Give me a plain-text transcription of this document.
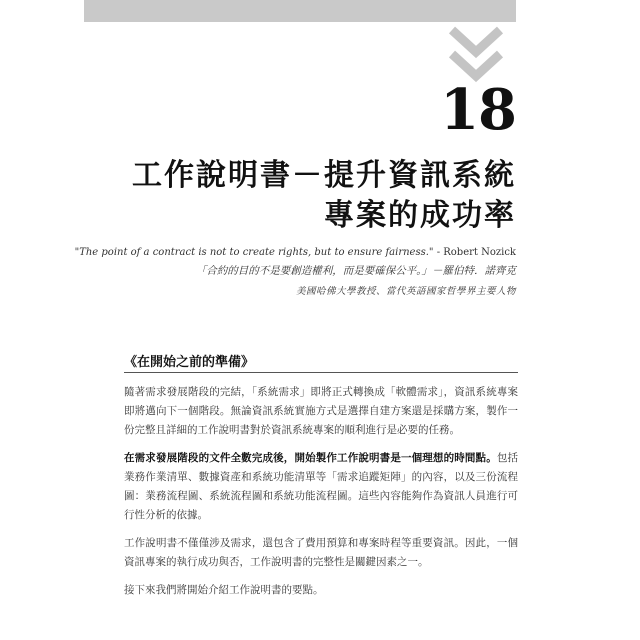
18
工作說明書－提升資訊系統
專案的成功率
"The point of a contract is not to create rights, but to ensure fairness." - Robert Nozick
「合約的目的不是要創造權利，而是要確保公平。」－羅伯特．諾齊克
美國哈佛大學教授、當代英語國家哲學界主要人物
《在開始之前的準備》

隨著需求發展階段的完結，「系統需求」即將正式轉換成「軟體需求」，資訊系統專案即將邁向下一個階段。無論資訊系統實施方式是選擇自建方案還是採購方案，製作一份完整且詳細的工作說明書對於資訊系統專案的順利進行是必要的任務。

在需求發展階段的文件全數完成後，開始製作工作說明書是一個理想的時間點。包括業務作業清單、數據資產和系統功能清單等「需求追蹤矩陣」的內容，以及三份流程圖：業務流程圖、系統流程圖和系統功能流程圖。這些內容能夠作為資訊人員進行可行性分析的依據。

工作說明書不僅僅涉及需求，還包含了費用預算和專案時程等重要資訊。因此，一個資訊專案的執行成功與否，工作說明書的完整性是關鍵因素之一。

接下來我們將開始介紹工作說明書的要點。
